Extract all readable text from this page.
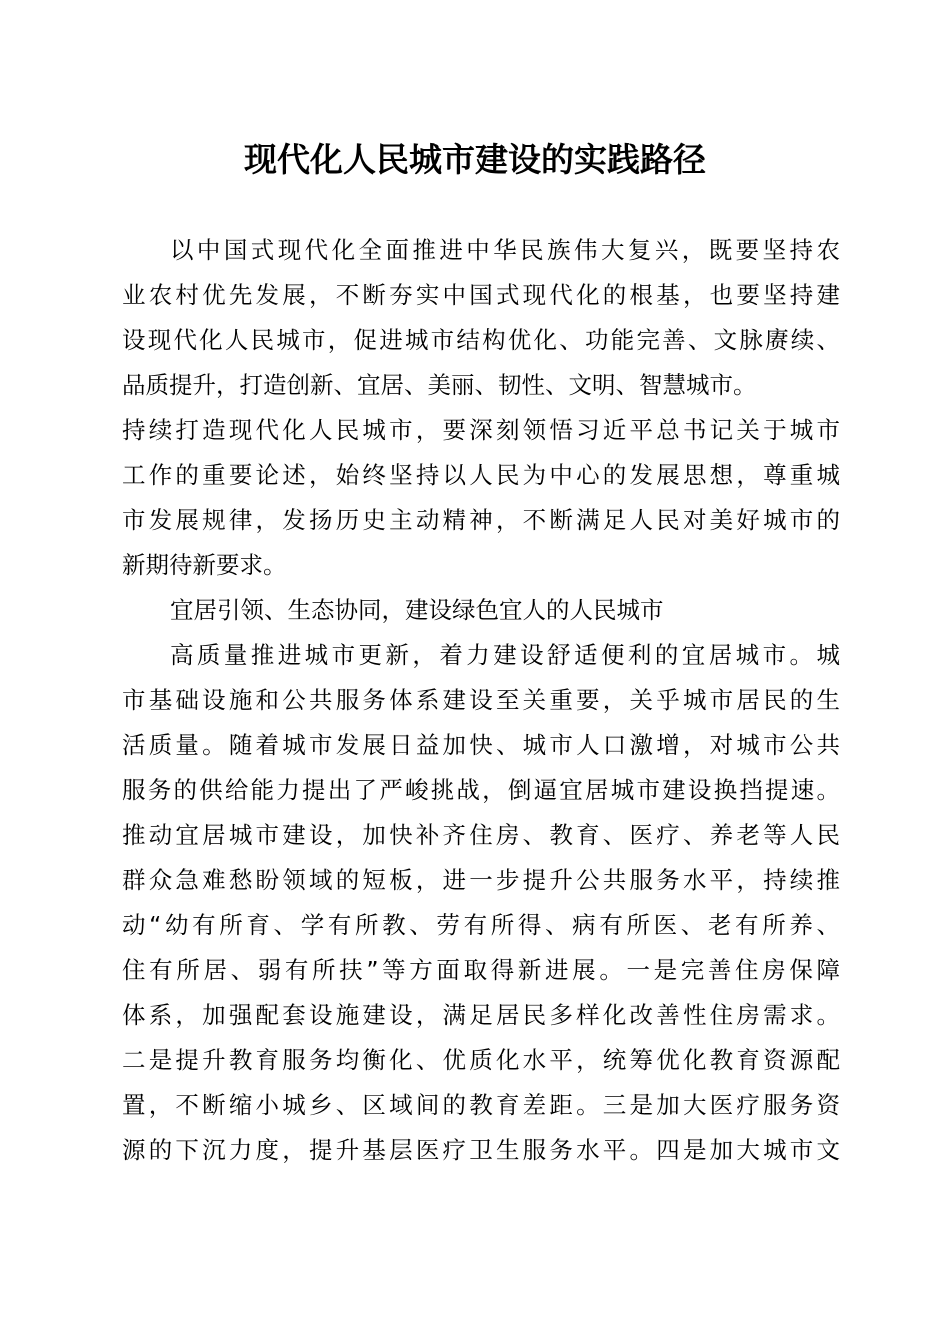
现代化人民城市建设的实践路径
以中国式现代化全面推进中华民族伟大复兴，既要坚持农
业农村优先发展，不断夯实中国式现代化的根基，也要坚持建
设现代化人民城市，促进城市结构优化、功能完善、文脉赓续、
品质提升，打造创新、宜居、美丽、韧性、文明、智慧城市。
持续打造现代化人民城市，要深刻领悟习近平总书记关于城市
工作的重要论述，始终坚持以人民为中心的发展思想，尊重城
市发展规律，发扬历史主动精神，不断满足人民对美好城市的
新期待新要求。
宜居引领、生态协同，建设绿色宜人的人民城市
高质量推进城市更新，着力建设舒适便利的宜居城市。城
市基础设施和公共服务体系建设至关重要，关乎城市居民的生
活质量。随着城市发展日益加快、城市人口激增，对城市公共
服务的供给能力提出了严峻挑战，倒逼宜居城市建设换挡提速。
推动宜居城市建设，加快补齐住房、教育、医疗、养老等人民
群众急难愁盼领域的短板，进一步提升公共服务水平，持续推
动“幼有所育、学有所教、劳有所得、病有所医、老有所养、
住有所居、弱有所扶”等方面取得新进展。一是完善住房保障
体系，加强配套设施建设，满足居民多样化改善性住房需求。
二是提升教育服务均衡化、优质化水平，统筹优化教育资源配
置，不断缩小城乡、区域间的教育差距。三是加大医疗服务资
源的下沉力度，提升基层医疗卫生服务水平。四是加大城市文
